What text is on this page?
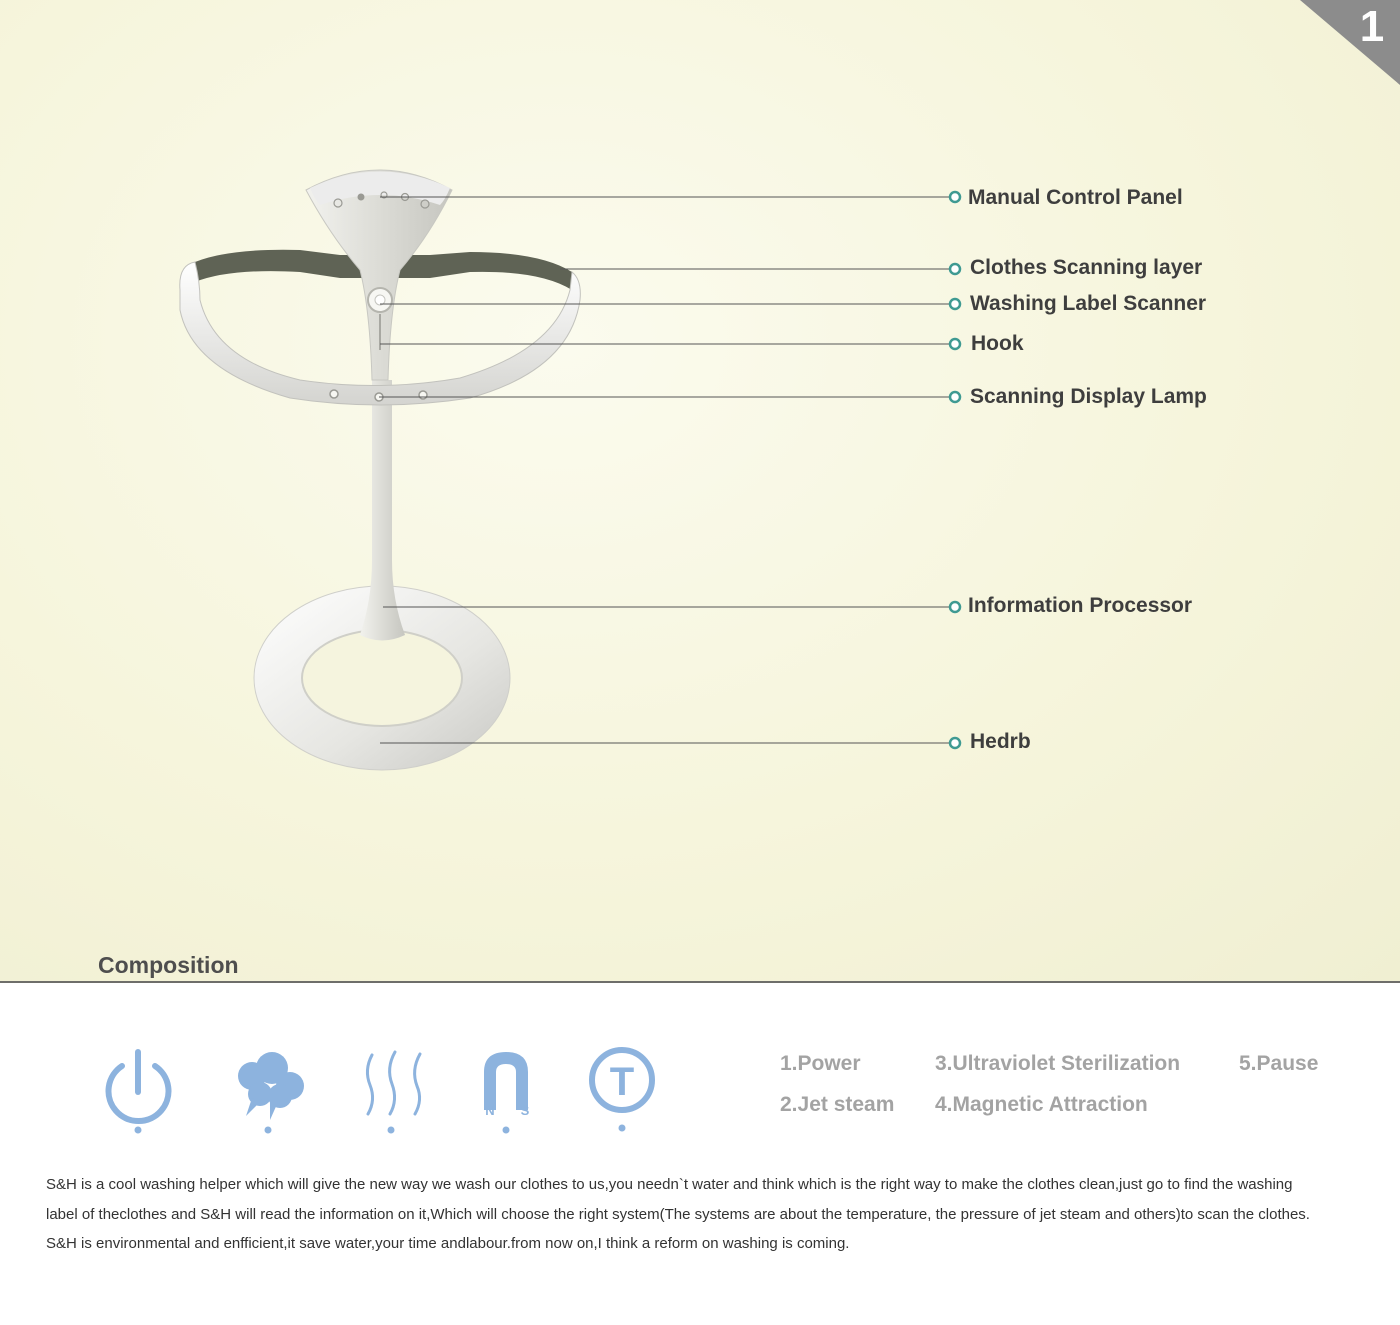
1
Manual Control Panel
Clothes Scanning layer
Washing Label Scanner
Hook
Scanning Display Lamp
Information Processor
Hedrb
Composition
N S
T	1.Power
2.Jet steam
3.Ultraviolet Sterilization
4.Magnetic Attraction
5.Pause

S&H is a cool washing helper which will give the new way we wash our clothes to us,you needn`t water and think which is the right way to make the clothes clean,just go to find the washing

label of theclothes and S&H will read the information on it,Which will choose the right system(The systems are about the temperature, the pressure of jet steam and others)to scan the clothes.

S&H is environmental and enfficient,it save water,your time andlabour.from now on,I think a reform on washing is coming.
